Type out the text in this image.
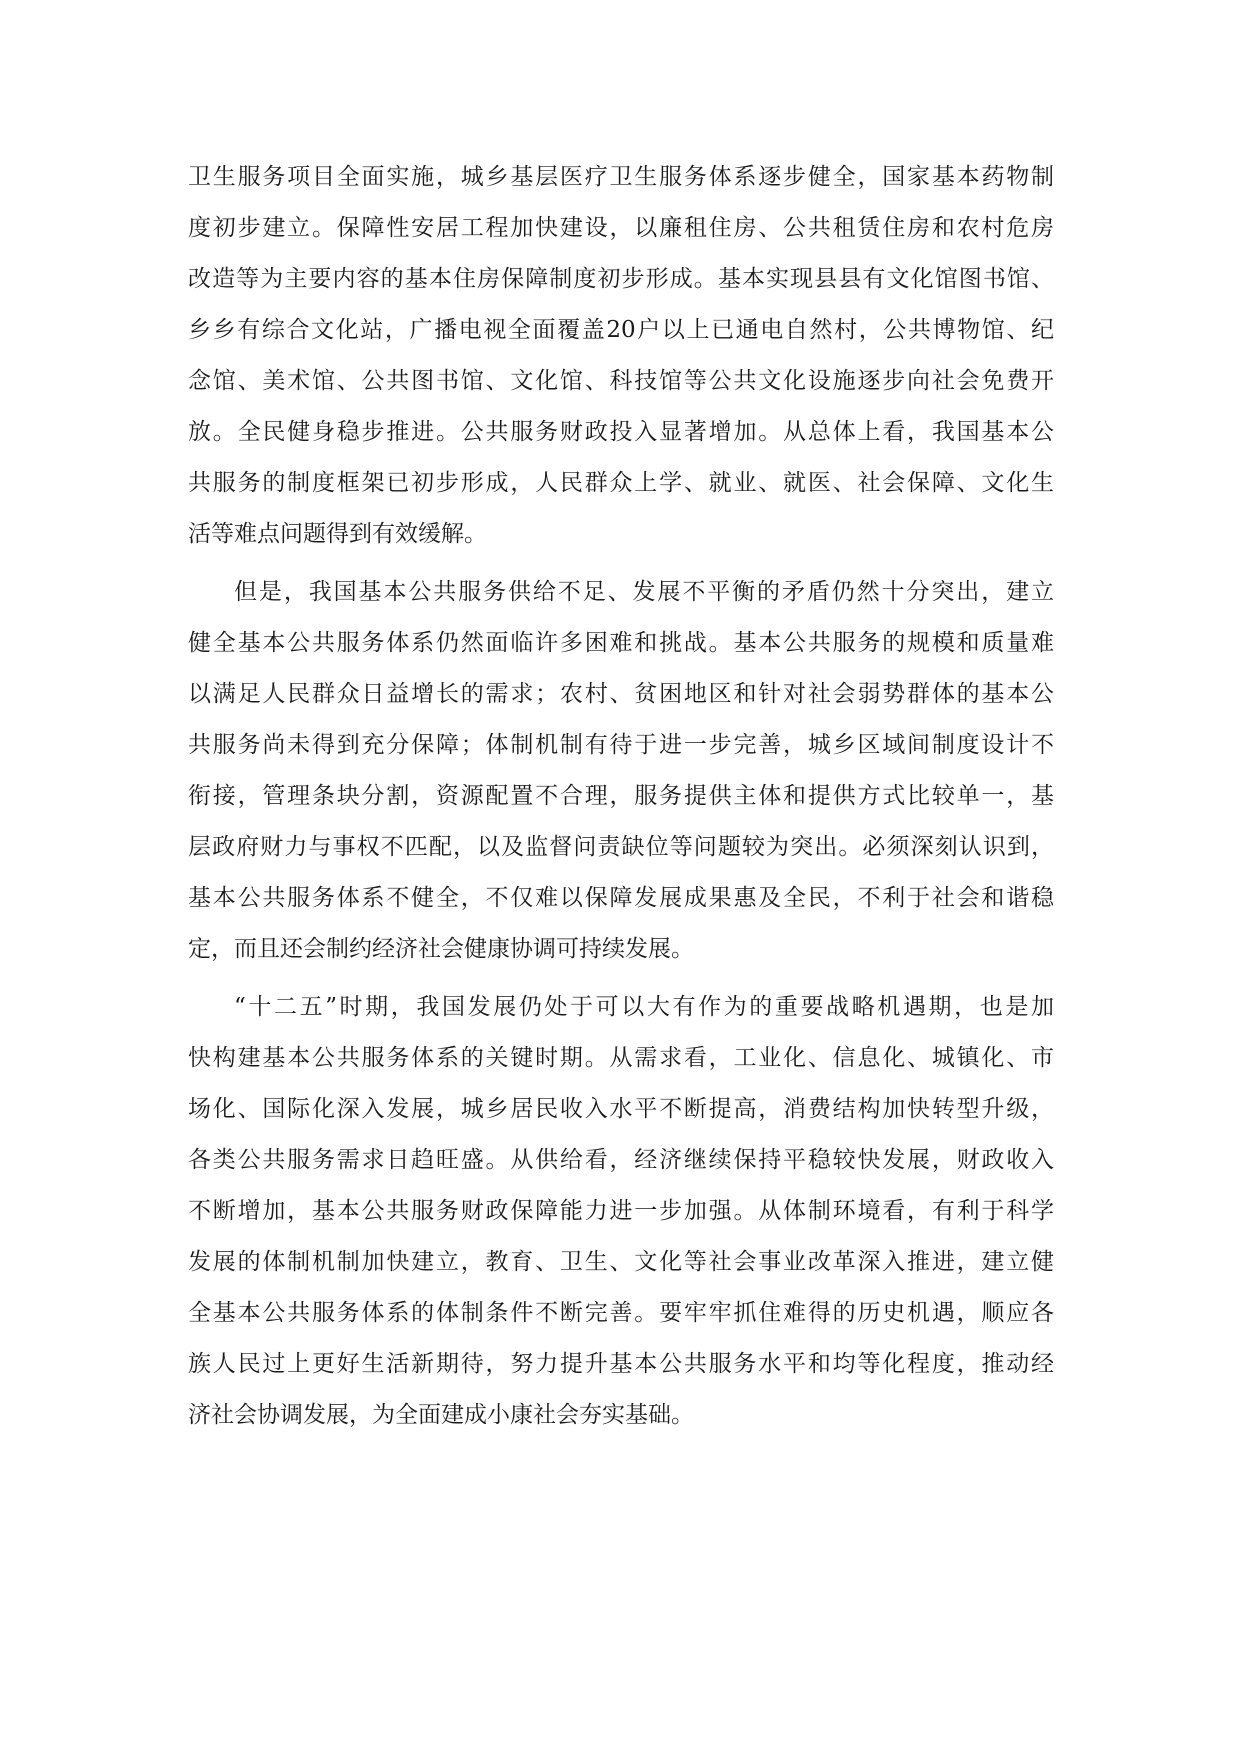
卫生服务项目全面实施，城乡基层医疗卫生服务体系逐步健全，国家基本药物制
度初步建立。保障性安居工程加快建设，以廉租住房、公共租赁住房和农村危房
改造等为主要内容的基本住房保障制度初步形成。基本实现县县有文化馆图书馆、
乡乡有综合文化站，广播电视全面覆盖20户以上已通电自然村，公共博物馆、纪
念馆、美术馆、公共图书馆、文化馆、科技馆等公共文化设施逐步向社会免费开
放。全民健身稳步推进。公共服务财政投入显著增加。从总体上看，我国基本公
共服务的制度框架已初步形成，人民群众上学、就业、就医、社会保障、文化生
活等难点问题得到有效缓解。
但是，我国基本公共服务供给不足、发展不平衡的矛盾仍然十分突出，建立
健全基本公共服务体系仍然面临许多困难和挑战。基本公共服务的规模和质量难
以满足人民群众日益增长的需求；农村、贫困地区和针对社会弱势群体的基本公
共服务尚未得到充分保障；体制机制有待于进一步完善，城乡区域间制度设计不
衔接，管理条块分割，资源配置不合理，服务提供主体和提供方式比较单一，基
层政府财力与事权不匹配，以及监督问责缺位等问题较为突出。必须深刻认识到，
基本公共服务体系不健全，不仅难以保障发展成果惠及全民，不利于社会和谐稳
定，而且还会制约经济社会健康协调可持续发展。
“十二五”时期，我国发展仍处于可以大有作为的重要战略机遇期，也是加
快构建基本公共服务体系的关键时期。从需求看，工业化、信息化、城镇化、市
场化、国际化深入发展，城乡居民收入水平不断提高，消费结构加快转型升级，
各类公共服务需求日趋旺盛。从供给看，经济继续保持平稳较快发展，财政收入
不断增加，基本公共服务财政保障能力进一步加强。从体制环境看，有利于科学
发展的体制机制加快建立，教育、卫生、文化等社会事业改革深入推进，建立健
全基本公共服务体系的体制条件不断完善。要牢牢抓住难得的历史机遇，顺应各
族人民过上更好生活新期待，努力提升基本公共服务水平和均等化程度，推动经
济社会协调发展，为全面建成小康社会夯实基础。
